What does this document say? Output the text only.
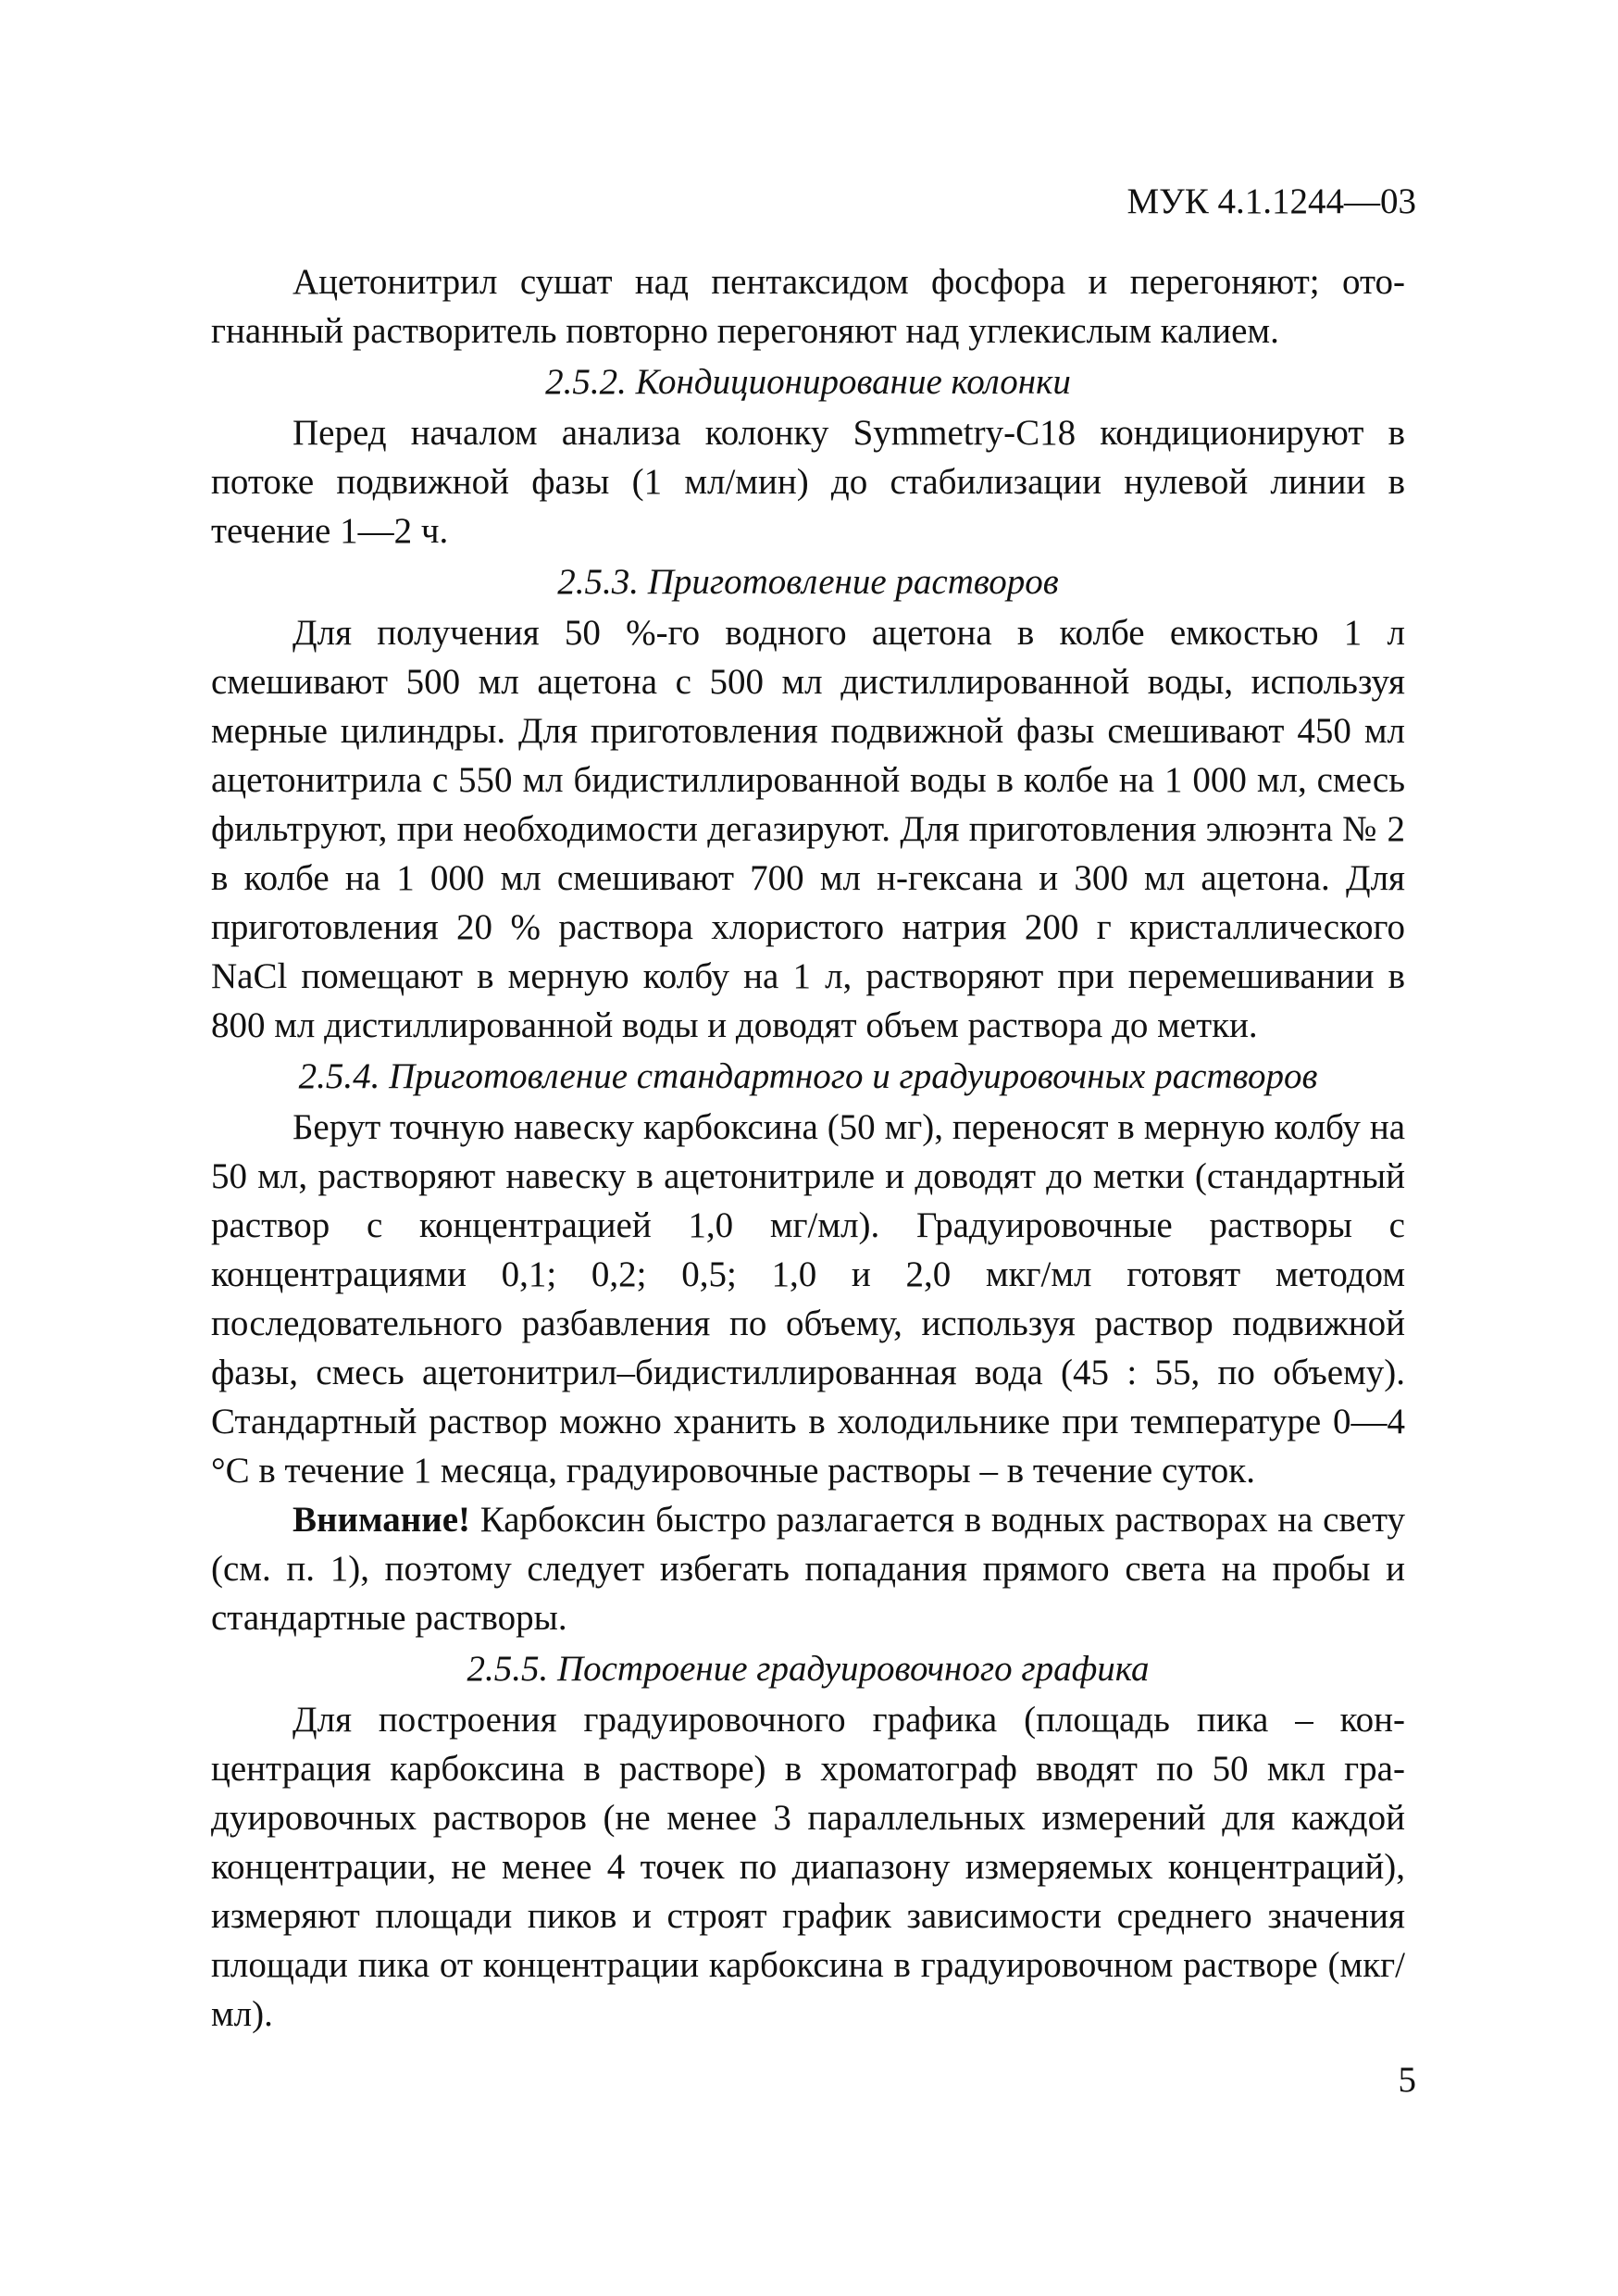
МУК 4.1.1244—03

Ацетонитрил сушат над пентаксидом фосфора и перегоняют; отогнанный растворитель повторно перегоняют над углекислым калием.

2.5.2. Кондиционирование колонки

Перед началом анализа колонку Symmetry-C18 кондиционируют в потоке подвижной фазы (1 мл/мин) до стабилизации нулевой линии в течение 1—2 ч.

2.5.3. Приготовление растворов

Для получения 50 %-го водного ацетона в колбе емкостью 1 л смешивают 500 мл ацетона с 500 мл дистиллированной воды, используя мерные цилиндры. Для приготовления подвижной фазы смешивают 450 мл ацетонитрила с 550 мл бидистиллированной воды в колбе на 1 000 мл, смесь фильтруют, при необходимости дегазируют. Для приготовления элюэнта № 2 в колбе на 1 000 мл смешивают 700 мл н-гексана и 300 мл ацетона. Для приготовления 20 % раствора хлористого натрия 200 г кристаллического NaCl помещают в мерную колбу на 1 л, растворяют при перемешивании в 800 мл дистиллированной воды и доводят объем раствора до метки.

2.5.4. Приготовление стандартного и градуировочных растворов

Берут точную навеску карбоксина (50 мг), переносят в мерную колбу на 50 мл, растворяют навеску в ацетонитриле и доводят до метки (стандартный раствор с концентрацией 1,0 мг/мл). Градуировочные растворы с концентрациями 0,1; 0,2; 0,5; 1,0 и 2,0 мкг/мл готовят методом последовательного разбавления по объему, используя раствор подвижной фазы, смесь ацетонитрил–бидистиллированная вода (45 : 55, по объему). Стандартный раствор можно хранить в холодильнике при температуре 0—4 °С в течение 1 месяца, градуировочные растворы – в течение суток.

Внимание! Карбоксин быстро разлагается в водных растворах на свету (см. п. 1), поэтому следует избегать попадания прямого света на пробы и стандартные растворы.

2.5.5. Построение градуировочного графика

Для построения градуировочного графика (площадь пика – концентрация карбоксина в растворе) в хроматограф вводят по 50 мкл градуировочных растворов (не менее 3 параллельных измерений для каждой концентрации, не менее 4 точек по диапазону измеряемых концентраций), измеряют площади пиков и строят график зависимости среднего значения площади пика от концентрации карбоксина в градуировочном растворе (мкг/мл).

5
